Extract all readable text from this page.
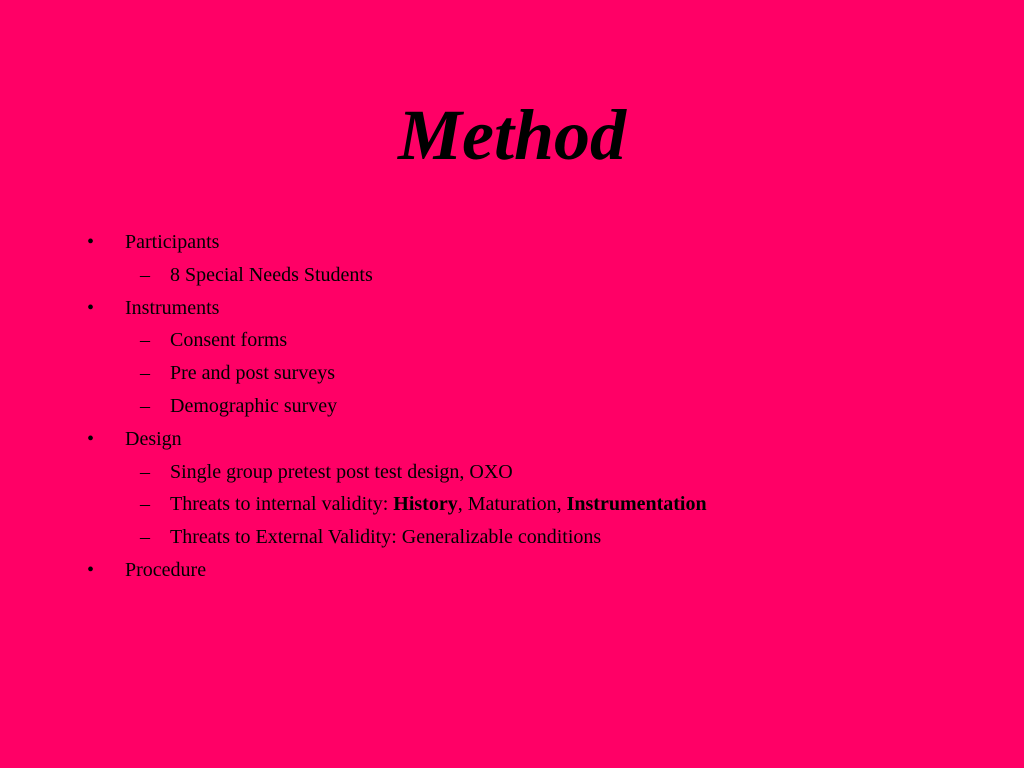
Method
• Participants
– 8 Special Needs Students
• Instruments
– Consent forms
– Pre and post surveys
– Demographic survey
• Design
– Single group pretest post test design, OXO
– Threats to internal validity: History, Maturation, Instrumentation
– Threats to External Validity: Generalizable conditions
• Procedure
